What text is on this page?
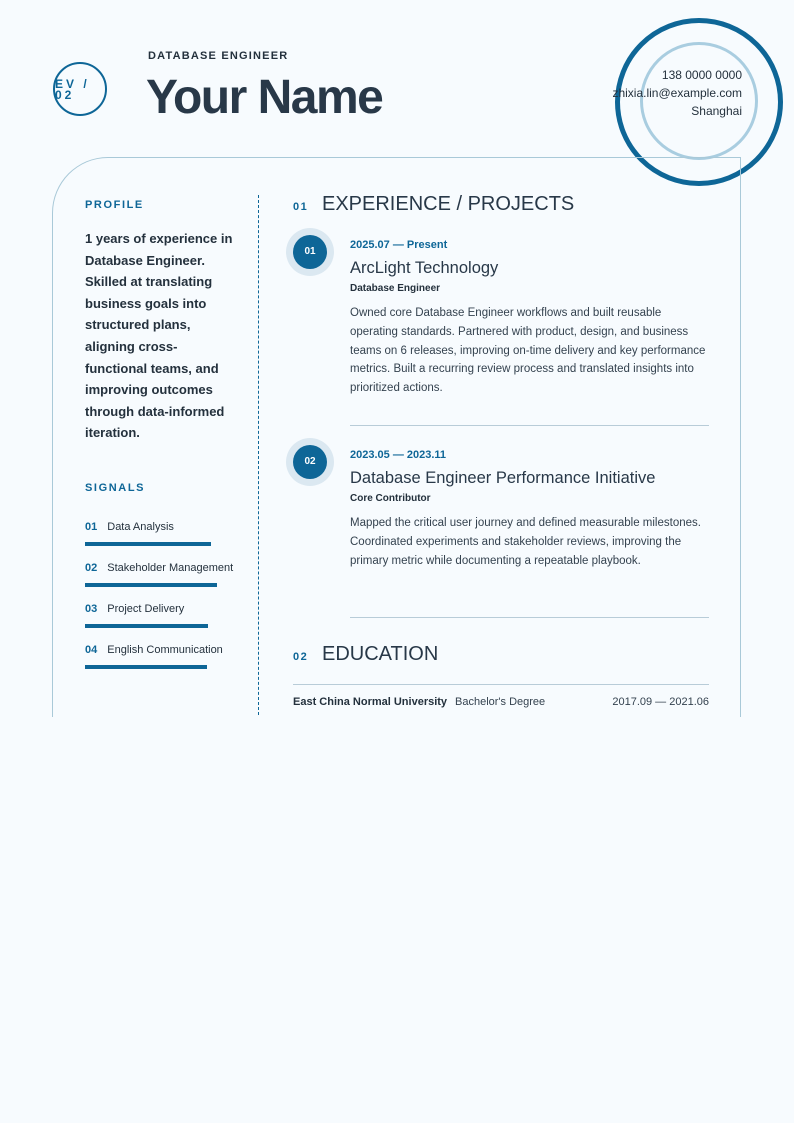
EV / 02
DATABASE ENGINEER
Your Name	138 0000 0000
zhixia.lin@example.com
Shanghai
PROFILE
1 years of experience in Database Engineer. Skilled at translating business goals into structured plans, aligning cross-functional teams, and improving outcomes through data-informed iteration.
SIGNALS
01 Data Analysis
02 Stakeholder Management
03 Project Delivery
04 English Communication
01 EXPERIENCE / PROJECTS
01
2025.07 — Present
ArcLight Technology
Database Engineer
Owned core Database Engineer workflows and built reusable operating standards. Partnered with product, design, and business teams on 6 releases, improving on-time delivery and key performance metrics. Built a recurring review process and translated insights into prioritized actions.
02
2023.05 — 2023.11
Database Engineer Performance Initiative
Core Contributor
Mapped the critical user journey and defined measurable milestones. Coordinated experiments and stakeholder reviews, improving the primary metric while documenting a repeatable playbook.
02 EDUCATION
East China Normal University Bachelor's Degree	2017.09 — 2021.06
